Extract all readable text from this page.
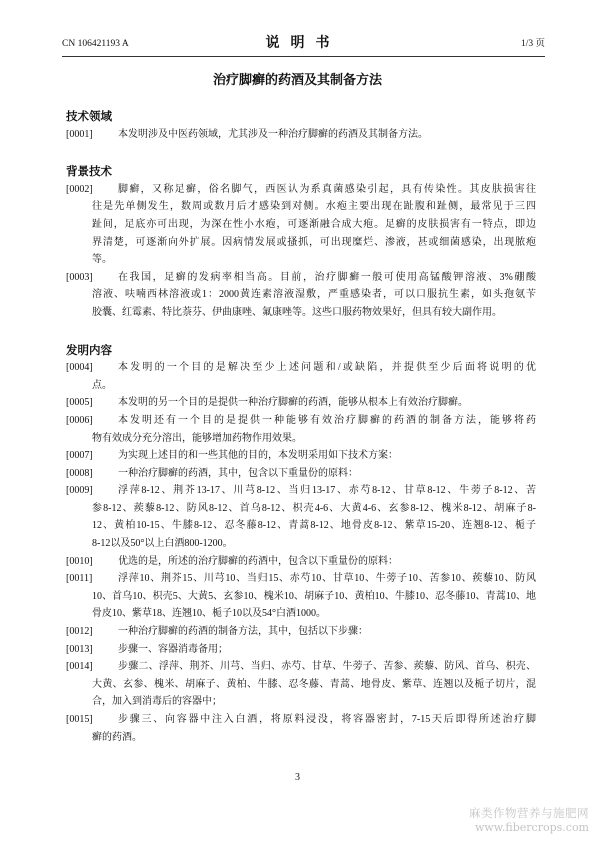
CN 106421193 A	说明书	1/3 页
治疗脚癣的药酒及其制备方法
技术领域
[0001]	本发明涉及中医药领域，尤其涉及一种治疗脚癣的药酒及其制备方法。
背景技术
[0002]	脚癣，又称足癣，俗名脚气，西医认为系真菌感染引起，具有传染性。其皮肤损害往
往是先单侧发生，数周或数月后才感染到对侧。水疱主要出现在趾腹和趾侧，最常见于三四
趾间，足底亦可出现，为深在性小水疱，可逐渐融合成大疱。足癣的皮肤损害有一特点，即边
界清楚，可逐渐向外扩展。因病情发展或搔抓，可出现糜烂、渗液，甚或细菌感染，出现脓疱
等。
[0003]	在我国，足癣的发病率相当高。目前，治疗脚癣一般可使用高锰酸钾溶液、3%硼酸
溶液、呋喃西林溶液或1：2000黄连素溶液湿敷，严重感染者，可以口服抗生素，如头孢氨苄
胶囊、红霉素、特比萘芬、伊曲康唑、氟康唑等。这些口服药物效果好，但具有较大副作用。
发明内容
[0004]	本发明的一个目的是解决至少上述问题和/或缺陷，并提供至少后面将说明的优
点。
[0005]	本发明的另一个目的是提供一种治疗脚癣的药酒，能够从根本上有效治疗脚癣。
[0006]	本发明还有一个目的是提供一种能够有效治疗脚癣的药酒的制备方法，能够将药
物有效成分充分溶出，能够增加药物作用效果。
[0007]	为实现上述目的和一些其他的目的，本发明采用如下技术方案：
[0008]	一种治疗脚癣的药酒，其中，包含以下重量份的原料：
[0009]	浮萍8-12、荆芥13-17、川芎8-12、当归13-17、赤芍8-12、甘草8-12、牛蒡子8-12、苦
参8-12、蒺藜8-12、防风8-12、首乌8-12、枳壳4-6、大黄4-6、玄参8-12、槐米8-12、胡麻子8-
12、黄柏10-15、牛膝8-12、忍冬藤8-12、青蒿8-12、地骨皮8-12、紫草15-20、连翘8-12、栀子
8-12以及50°以上白酒800-1200。
[0010]	优选的是，所述的治疗脚癣的药酒中，包含以下重量份的原料：
[0011]	浮萍10、荆芥15、川芎10、当归15、赤芍10、甘草10、牛蒡子10、苦参10、蒺藜10、防风
10、首乌10、枳壳5、大黄5、玄参10、槐米10、胡麻子10、黄柏10、牛膝10、忍冬藤10、青蒿10、地
骨皮10、紫草18、连翘10、栀子10以及54°白酒1000。
[0012]	一种治疗脚癣的药酒的制备方法，其中，包括以下步骤：
[0013]	步骤一、容器消毒备用；
[0014]	步骤二、浮萍、荆芥、川芎、当归、赤芍、甘草、牛蒡子、苦参、蒺藜、防风、首乌、枳壳、
大黄、玄参、槐米、胡麻子、黄柏、牛膝、忍冬藤、青蒿、地骨皮、紫草、连翘以及栀子切片，混
合，加入到消毒后的容器中；
[0015]	步骤三、向容器中注入白酒，将原料浸没，将容器密封，7-15天后即得所述治疗脚
癣的药酒。
3
麻类作物营养与施肥网
www.fibercrops.com
